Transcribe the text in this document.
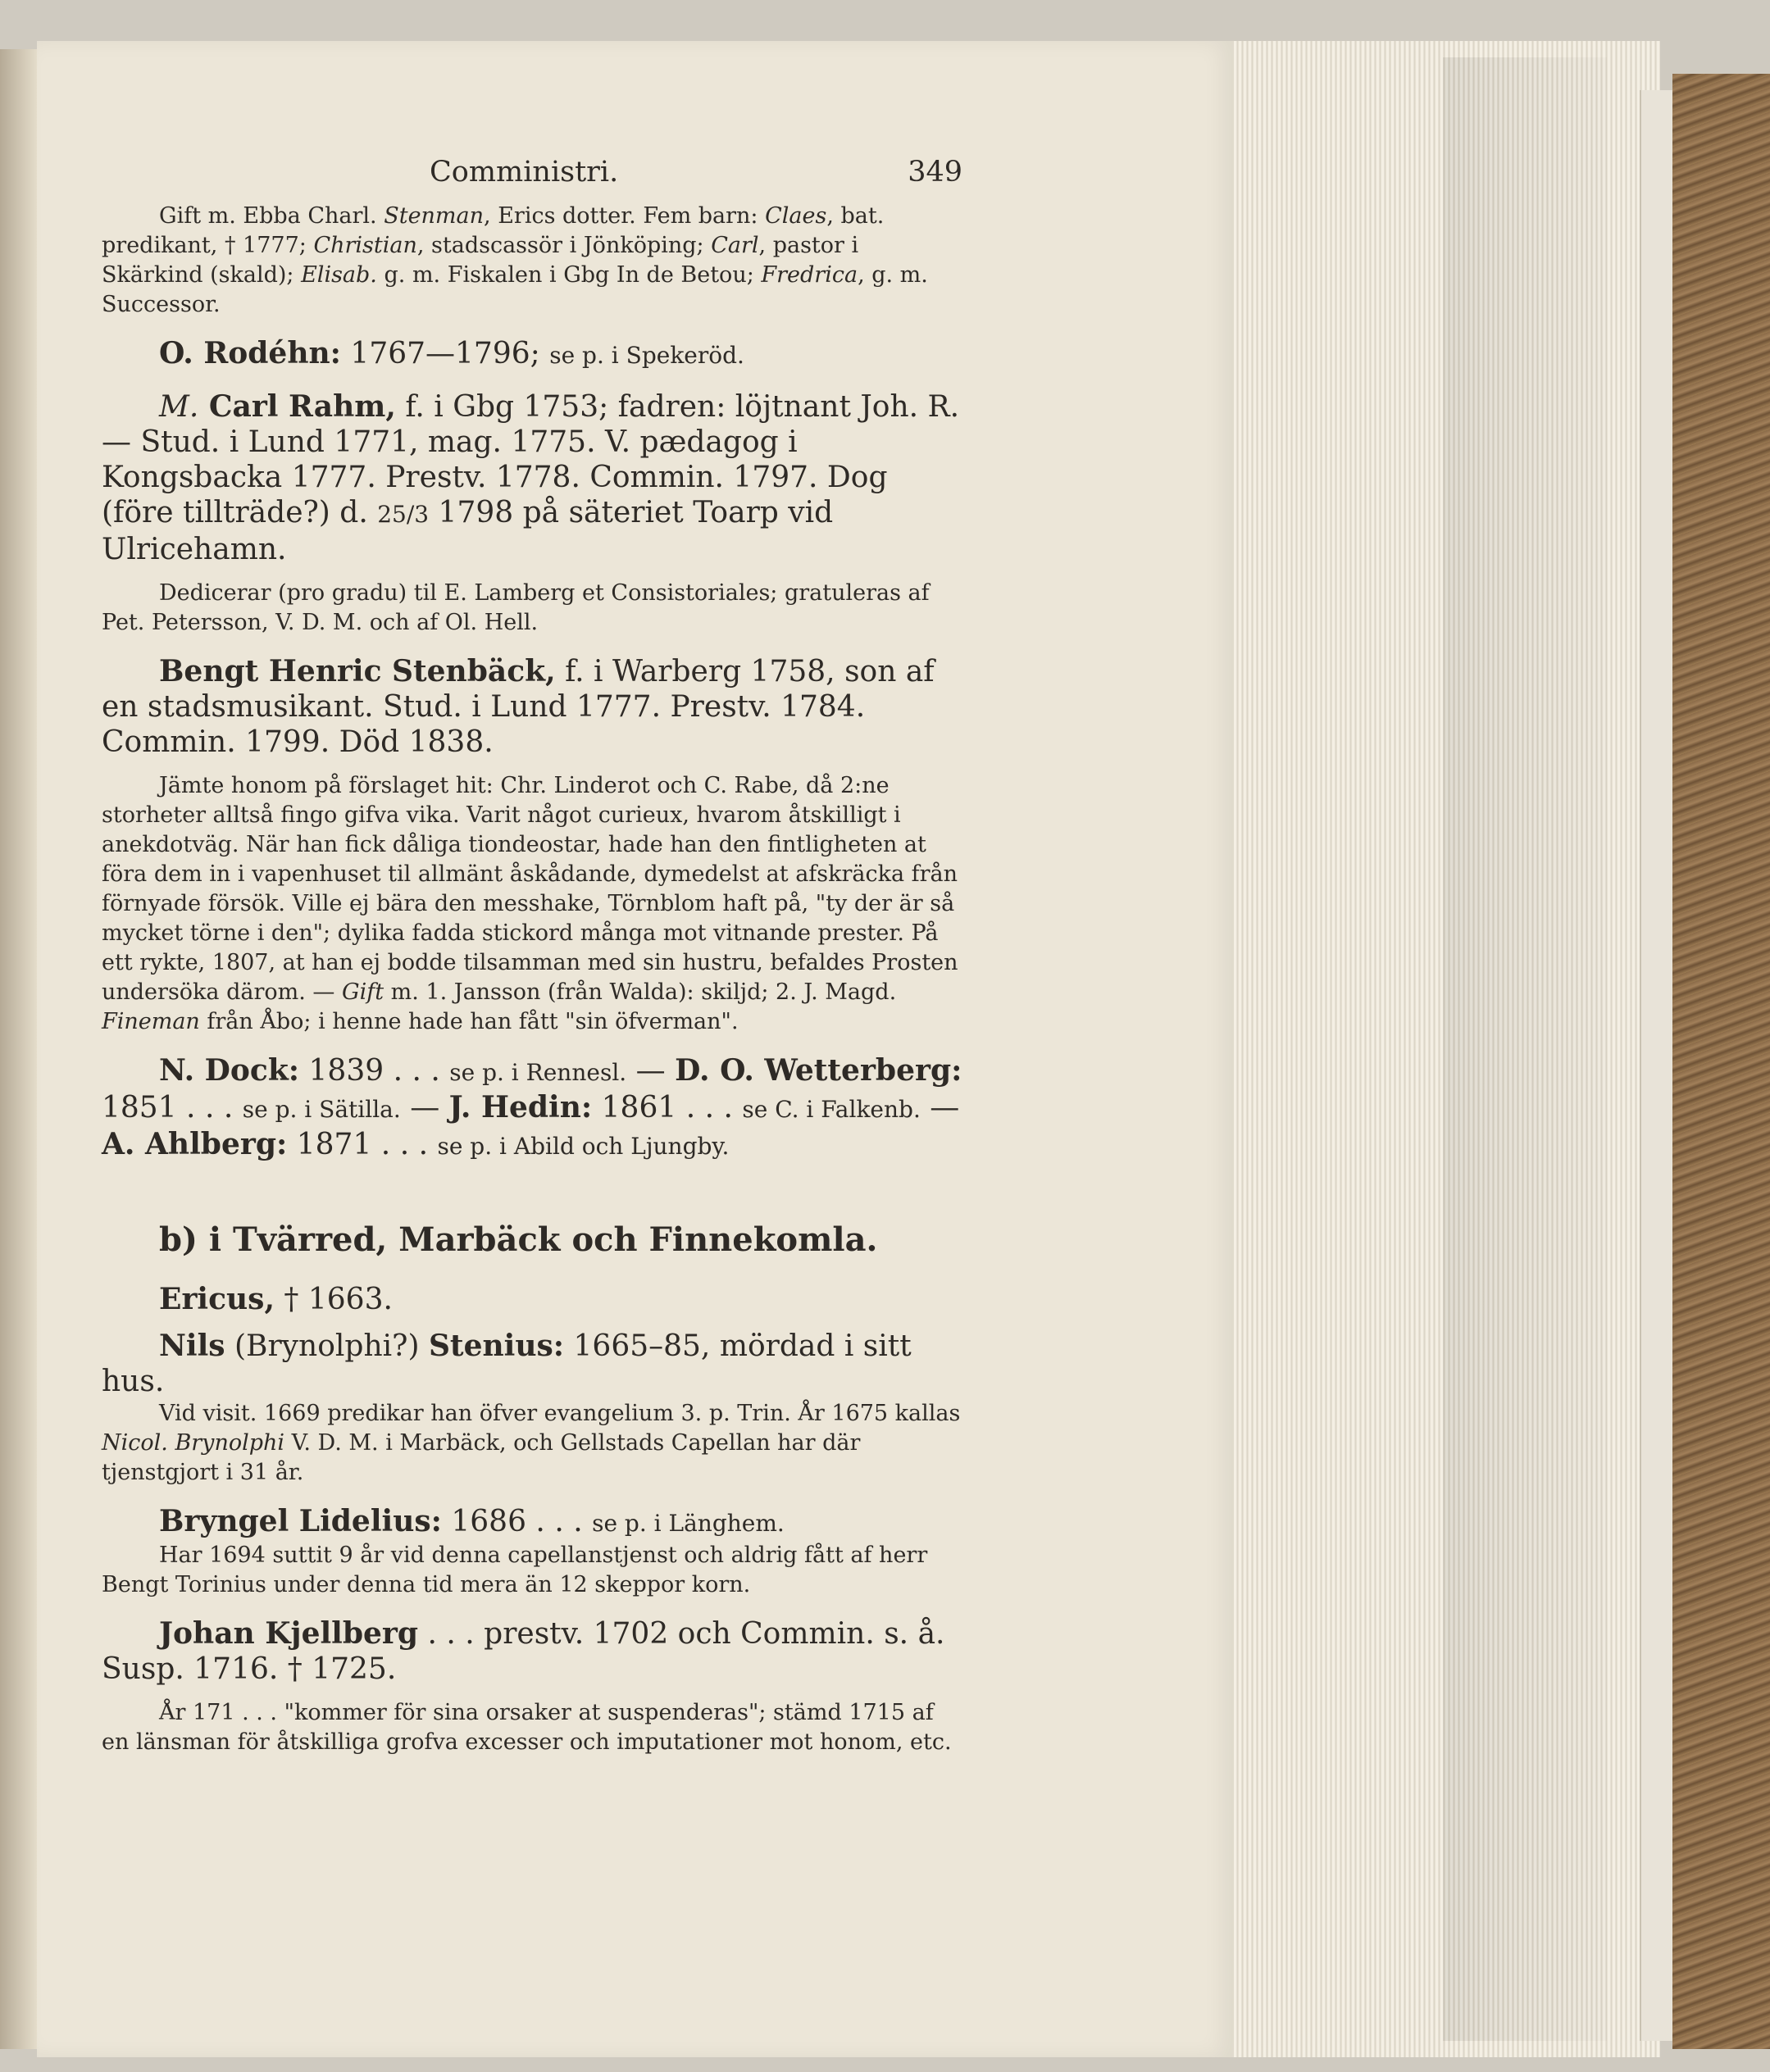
Comministri.	349

Gift m. Ebba Charl. Stenman, Erics dotter. Fem barn: Claes, bat. predikant, † 1777; Christian, stadscassör i Jönköping; Carl, pastor i Skärkind (skald); Elisab. g. m. Fiskalen i Gbg In de Betou; Fredrica, g. m. Successor.

O. Rodéhn: 1767—1796; se p. i Spekeröd.

M. Carl Rahm, f. i Gbg 1753; fadren: löjtnant Joh. R. — Stud. i Lund 1771, mag. 1775. V. pædagog i Kongsbacka 1777. Prestv. 1778. Commin. 1797. Dog (före tillträde?) d. 25/3 1798 på säteriet Toarp vid Ulricehamn.

Dedicerar (pro gradu) til E. Lamberg et Consistoriales; gratuleras af Pet. Petersson, V. D. M. och af Ol. Hell.

Bengt Henric Stenbäck, f. i Warberg 1758, son af en stadsmusikant. Stud. i Lund 1777. Prestv. 1784. Commin. 1799. Död 1838.

Jämte honom på förslaget hit: Chr. Linderot och C. Rabe, då 2:ne storheter alltså fingo gifva vika. Varit något curieux, hvarom åtskilligt i anekdotväg. När han fick dåliga tiondeostar, hade han den fintligheten at föra dem in i vapenhuset til allmänt åskådande, dymedelst at afskräcka från förnyade försök. Ville ej bära den messhake, Törnblom haft på, "ty der är så mycket törne i den"; dylika fadda stickord många mot vitnande prester. På ett rykte, 1807, at han ej bodde tilsamman med sin hustru, befaldes Prosten undersöka därom. — Gift m. 1. Jansson (från Walda): skiljd; 2. J. Magd. Fineman från Åbo; i henne hade han fått "sin öfverman".

N. Dock: 1839 . . . se p. i Rennesl. — D. O. Wetterberg: 1851 . . . se p. i Sätilla. — J. Hedin: 1861 . . . se C. i Falkenb. — A. Ahlberg: 1871 . . . se p. i Abild och Ljungby.

b) i Tvärred, Marbäck och Finnekomla.

Ericus, † 1663.

Nils (Brynolphi?) Stenius: 1665–85, mördad i sitt hus.

Vid visit. 1669 predikar han öfver evangelium 3. p. Trin. År 1675 kallas Nicol. Brynolphi V. D. M. i Marbäck, och Gellstads Capellan har där tjenstgjort i 31 år.

Bryngel Lidelius: 1686 . . . se p. i Länghem.

Har 1694 suttit 9 år vid denna capellanstjenst och aldrig fått af herr Bengt Torinius under denna tid mera än 12 skeppor korn.

Johan Kjellberg . . . prestv. 1702 och Commin. s. å. Susp. 1716. † 1725.

År 171 . . . "kommer för sina orsaker at suspenderas"; stämd 1715 af en länsman för åtskilliga grofva excesser och imputationer mot honom, etc.
